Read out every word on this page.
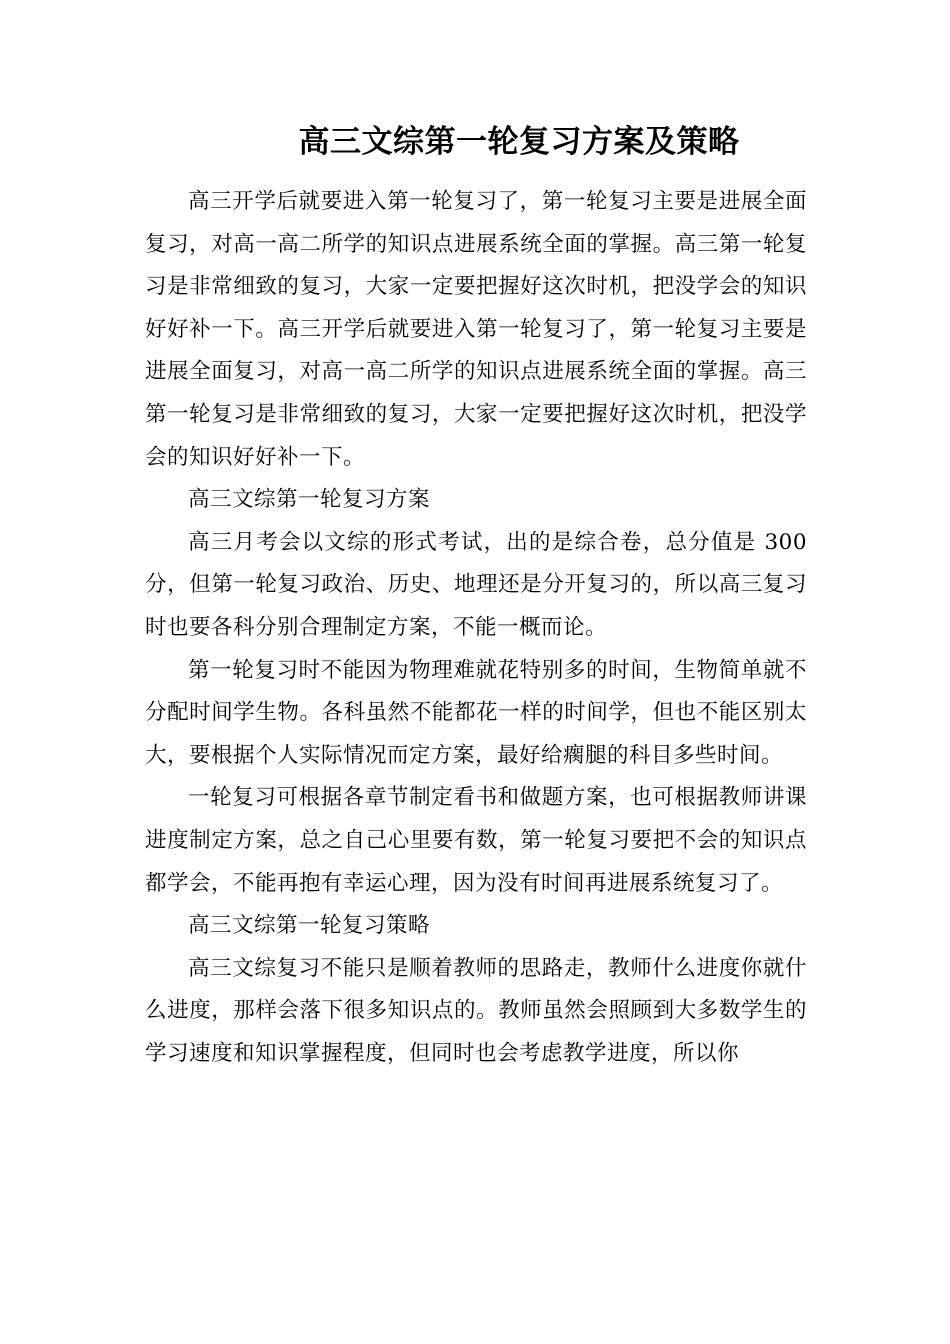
高三文综第一轮复习方案及策略

高三开学后就要进入第一轮复习了，第一轮复习主要是进展全面复习，对高一高二所学的知识点进展系统全面的掌握。高三第一轮复习是非常细致的复习，大家一定要把握好这次时机，把没学会的知识好好补一下。高三开学后就要进入第一轮复习了，第一轮复习主要是进展全面复习，对高一高二所学的知识点进展系统全面的掌握。高三第一轮复习是非常细致的复习，大家一定要把握好这次时机，把没学会的知识好好补一下。

高三文综第一轮复习方案

高三月考会以文综的形式考试，出的是综合卷，总分值是 300 分，但第一轮复习政治、历史、地理还是分开复习的，所以高三复习时也要各科分别合理制定方案，不能一概而论。

第一轮复习时不能因为物理难就花特别多的时间，生物简单就不分配时间学生物。各科虽然不能都花一样的时间学，但也不能区别太大，要根据个人实际情况而定方案，最好给瘸腿的科目多些时间。

一轮复习可根据各章节制定看书和做题方案，也可根据教师讲课进度制定方案，总之自己心里要有数，第一轮复习要把不会的知识点都学会，不能再抱有幸运心理，因为没有时间再进展系统复习了。

高三文综第一轮复习策略

高三文综复习不能只是顺着教师的思路走，教师什么进度你就什么进度，那样会落下很多知识点的。教师虽然会照顾到大多数学生的学习速度和知识掌握程度，但同时也会考虑教学进度，所以你
